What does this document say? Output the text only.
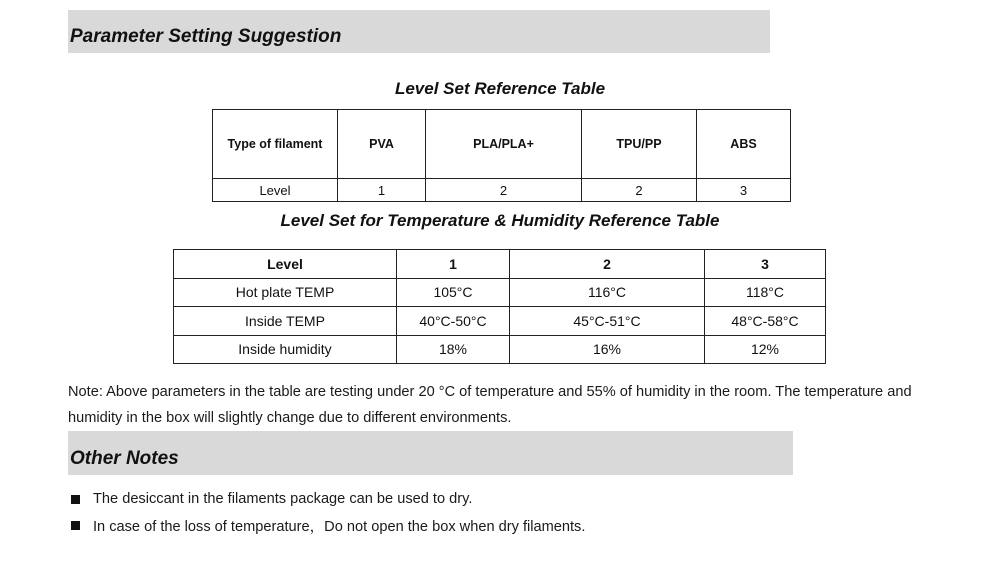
Parameter Setting Suggestion
Level Set Reference Table
Type of filament	PVA	PLA/PLA+	TPU/PP	ABS
Level	1	2	2	3
Level Set for Temperature & Humidity Reference Table
Level	1	2	3
Hot plate TEMP	105°C	116°C	118°C
Inside TEMP	40°C-50°C	45°C-51°C	48°C-58°C
Inside humidity	18%	16%	12%
Note: Above parameters in the table are testing under 20 °C of temperature and 55% of humidity in the room. The temperature and humidity in the box will slightly change due to different environments.
Other Notes
The desiccant in the filaments package can be used to dry.
In case of the loss of temperature，Do not open the box when dry filaments.
